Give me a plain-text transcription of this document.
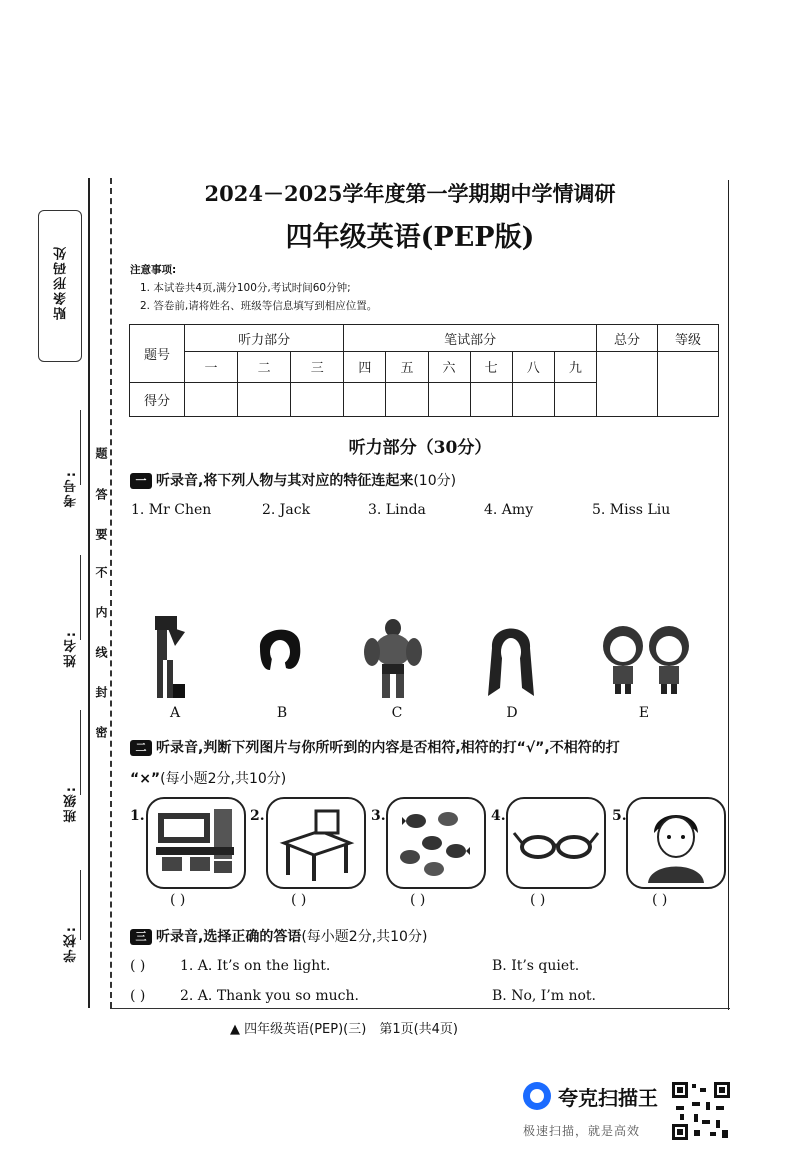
贴条形码处
考号:
姓名:
班级:
学校:
题
答
要
不
内
线
封
密
2024－2025学年度第一学期期中学情调研
四年级英语(PEP版)
注意事项:
1. 本试卷共4页,满分100分,考试时间60分钟;
2. 答卷前,请将姓名、班级等信息填写到相应位置。
题号	听力部分			笔试部分						总分	等级
	一	二	三	四	五	六	七	八	九		
得分											
听力部分（30分）
一 听录音,将下列人物与其对应的特征连起来(10分)
1. Mr Chen	2. Jack	3. Linda	4. Amy	5. Miss Liu
A	B	C	D	E
二 听录音,判断下列图片与你所听到的内容是否相符,相符的打“√”,不相符的打
“×”(每小题2分,共10分)
1.	2.	3.	4.	5.
( )	( )	( )	( )	( )
三 听录音,选择正确的答语(每小题2分,共10分)
( ) 1. A. It’s on the light.	B. It’s quiet.
( ) 2. A. Thank you so much.	B. No, I’m not.
▲ 四年级英语(PEP)(三)　第1页(共4页)
夸克扫描王
极速扫描，就是高效
